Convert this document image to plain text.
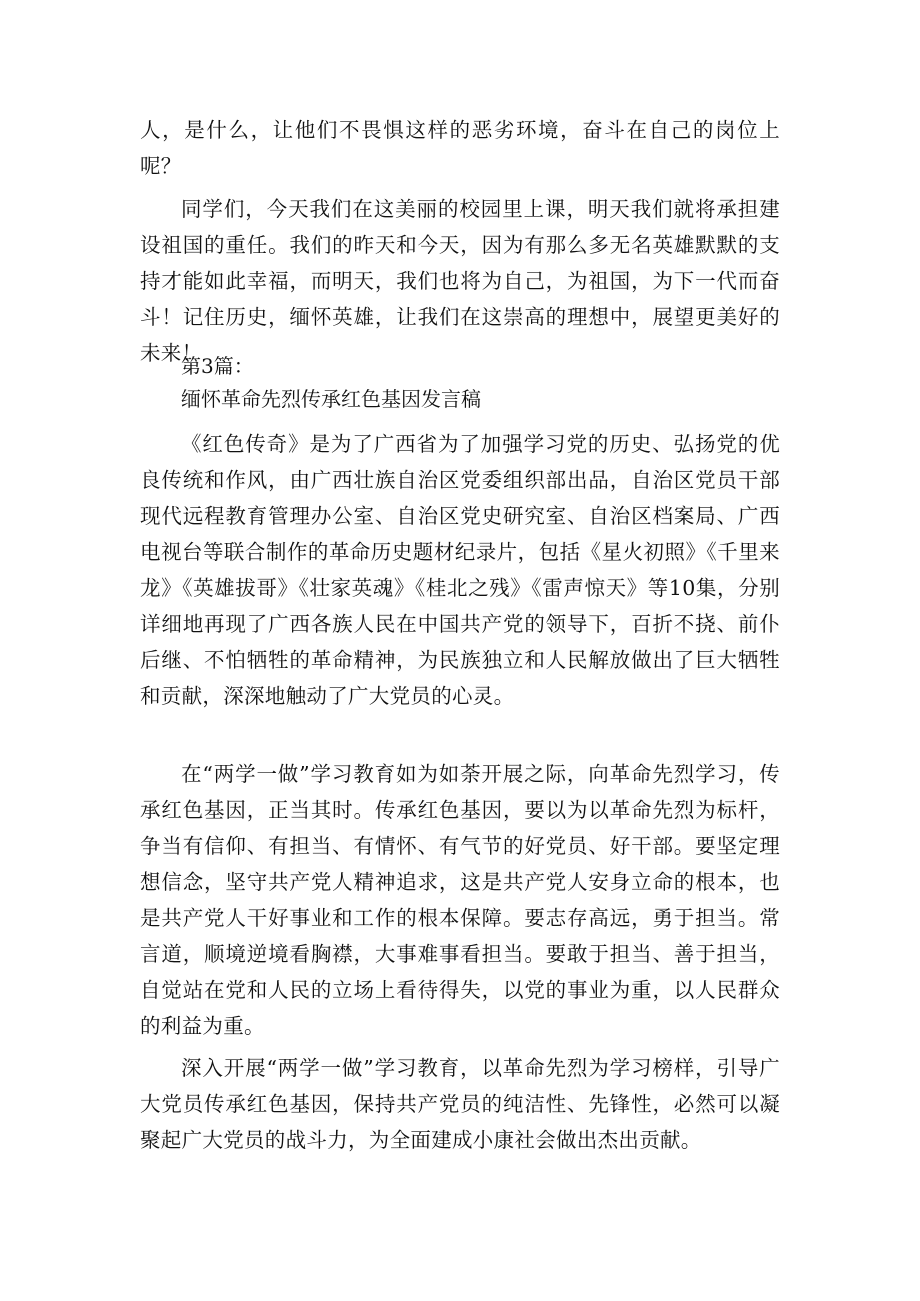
人，是什么，让他们不畏惧这样的恶劣环境，奋斗在自己的岗位上呢？

同学们，今天我们在这美丽的校园里上课，明天我们就将承担建设祖国的重任。我们的昨天和今天，因为有那么多无名英雄默默的支持才能如此幸福，而明天，我们也将为自己，为祖国，为下一代而奋斗！记住历史，缅怀英雄，让我们在这崇高的理想中，展望更美好的未来！

第3篇：

缅怀革命先烈传承红色基因发言稿

《红色传奇》是为了广西省为了加强学习党的历史、弘扬党的优良传统和作风，由广西壮族自治区党委组织部出品，自治区党员干部现代远程教育管理办公室、自治区党史研究室、自治区档案局、广西电视台等联合制作的革命历史题材纪录片，包括《星火初照》《千里来龙》《英雄拔哥》《壮家英魂》《桂北之残》《雷声惊天》等10集，分别详细地再现了广西各族人民在中国共产党的领导下，百折不挠、前仆后继、不怕牺牲的革命精神，为民族独立和人民解放做出了巨大牺牲和贡献，深深地触动了广大党员的心灵。

在“两学一做”学习教育如为如荼开展之际，向革命先烈学习，传承红色基因，正当其时。传承红色基因，要以为以革命先烈为标杆，争当有信仰、有担当、有情怀、有气节的好党员、好干部。要坚定理想信念，坚守共产党人精神追求，这是共产党人安身立命的根本，也是共产党人干好事业和工作的根本保障。要志存高远，勇于担当。常言道，顺境逆境看胸襟，大事难事看担当。要敢于担当、善于担当，自觉站在党和人民的立场上看待得失，以党的事业为重，以人民群众的利益为重。

深入开展“两学一做”学习教育，以革命先烈为学习榜样，引导广大党员传承红色基因，保持共产党员的纯洁性、先锋性，必然可以凝聚起广大党员的战斗力，为全面建成小康社会做出杰出贡献。
